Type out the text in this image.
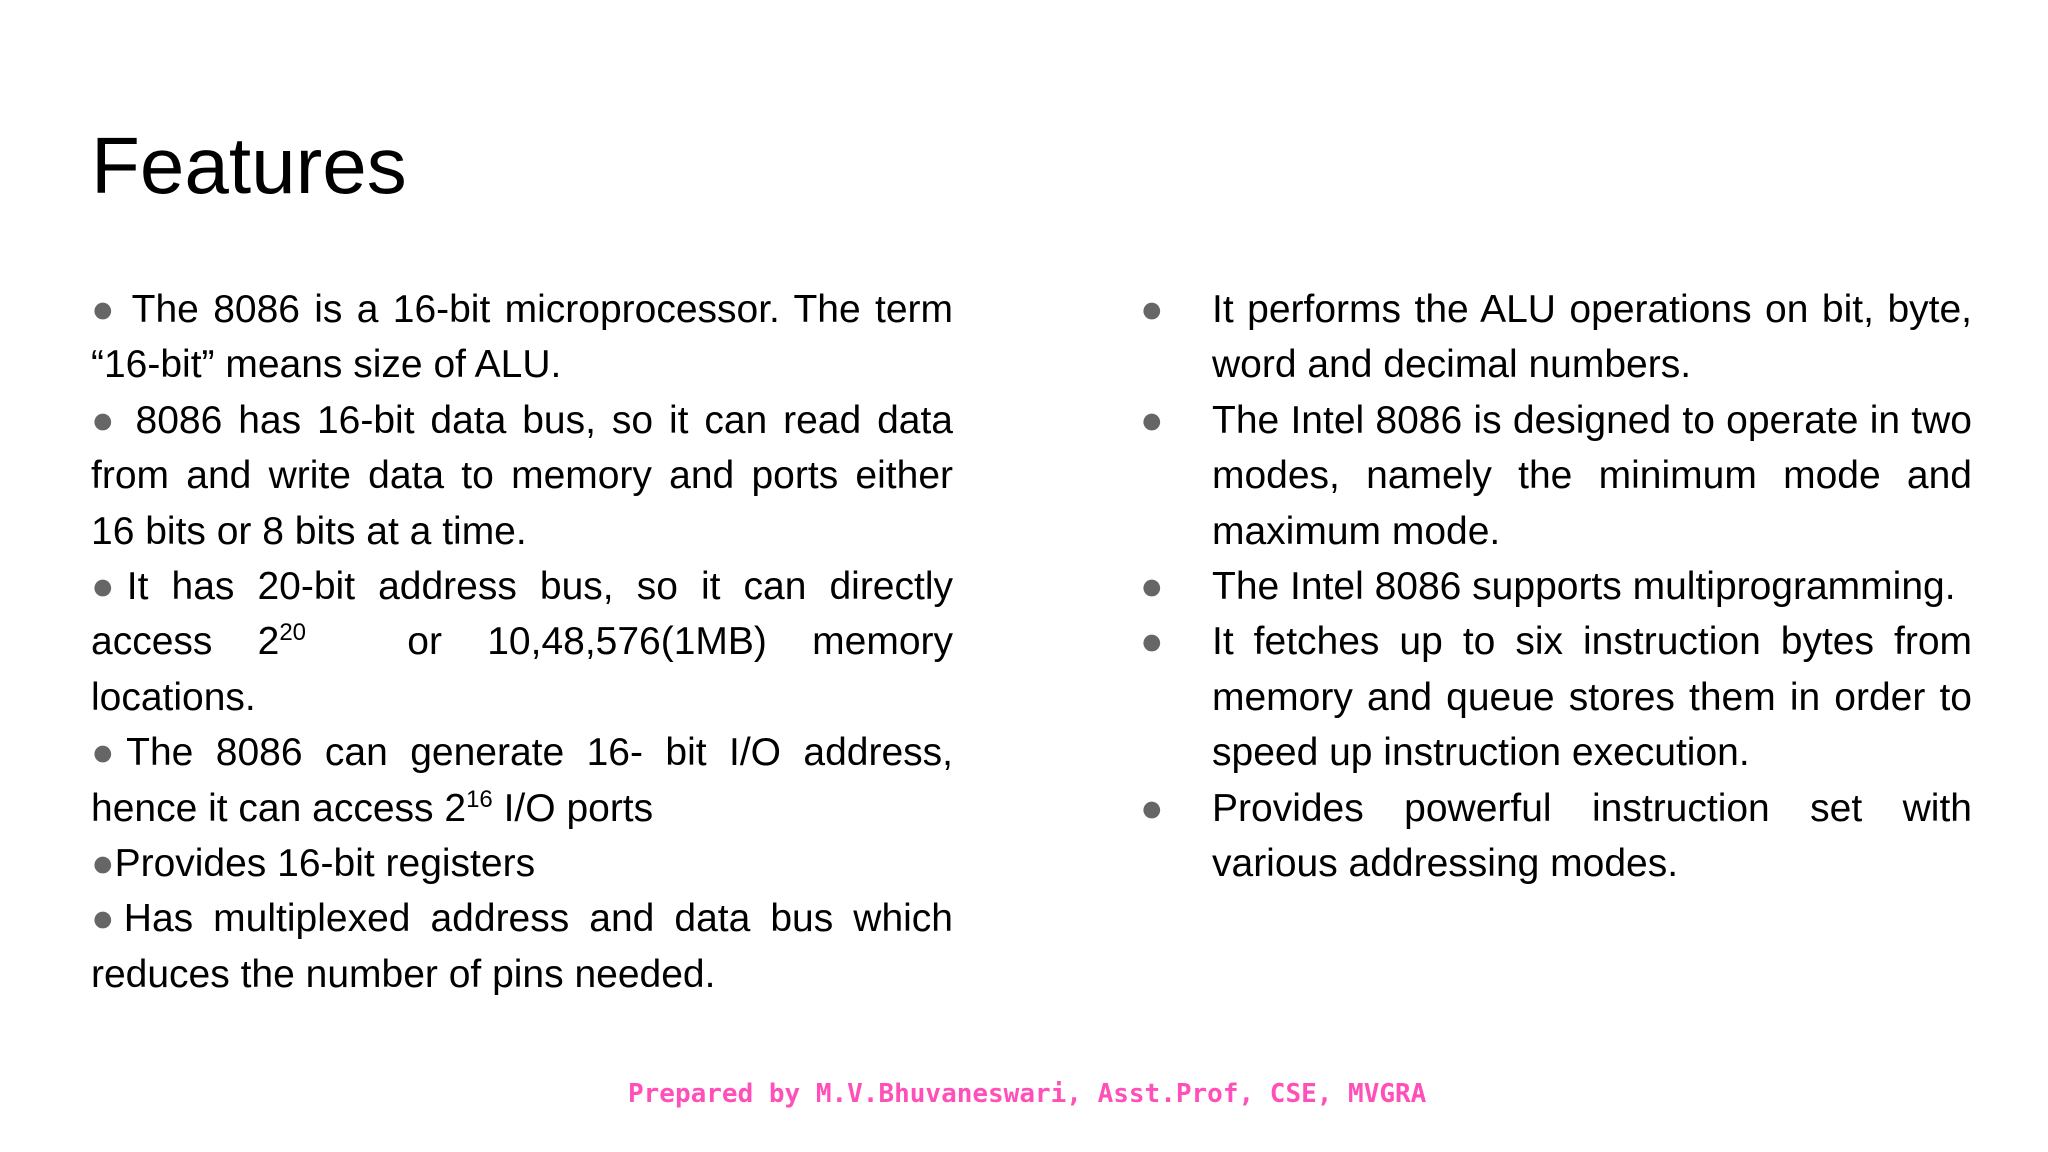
Features

● The 8086 is a 16-bit microprocessor. The term “16-bit” means size of ALU.

● 8086 has 16-bit data bus, so it can read data from and write data to memory and ports either 16 bits or 8 bits at a time.

●It has 20-bit address bus, so it can directly access $2^{20}$	or 10,48,576(1MB) memory locations.

●The 8086 can generate 16- bit I/O address, hence it can access $2^{16}$ I/O ports

●Provides 16-bit registers

●Has multiplexed address and data bus which reduces the number of pins needed.

● It performs the ALU operations on bit, byte, word and decimal numbers.
● The Intel 8086 is designed to operate in two modes, namely the minimum mode and maximum mode.
● The Intel 8086 supports multiprogramming.
● It fetches up to six instruction bytes from memory and queue stores them in order to speed up instruction execution.
● Provides powerful instruction set with various addressing modes.
Prepared by M.V.Bhuvaneswari, Asst.Prof, CSE, MVGRA
